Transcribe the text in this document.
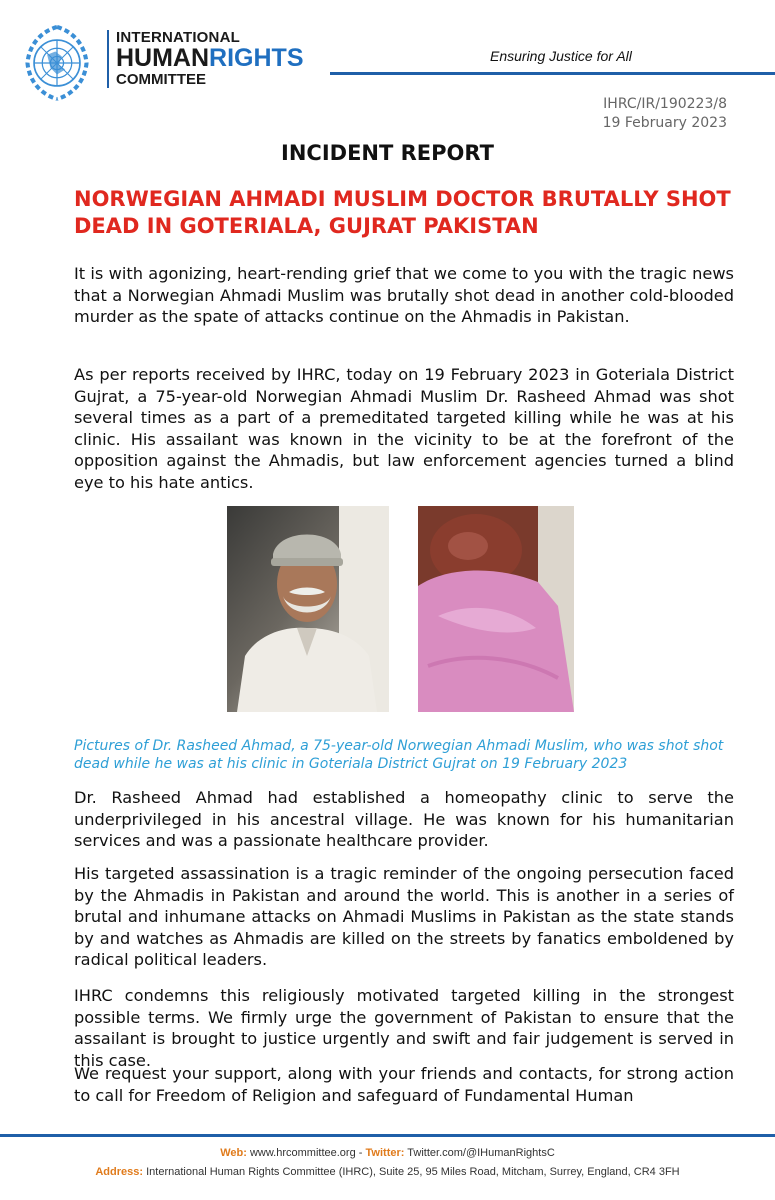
INTERNATIONAL
HUMANRIGHTS
COMMITTEE
Ensuring Justice for All
IHRC/IR/190223/8
19 February 2023
INCIDENT REPORT
NORWEGIAN AHMADI MUSLIM DOCTOR BRUTALLY SHOT DEAD IN GOTERIALA, GUJRAT PAKISTAN
It is with agonizing, heart-rending grief that we come to you with the tragic news that a Norwegian Ahmadi Muslim was brutally shot dead in another cold-blooded murder as the spate of attacks continue on the Ahmadis in Pakistan.
As per reports received by IHRC, today on 19 February 2023 in Goteriala District Gujrat, a 75-year-old Norwegian Ahmadi Muslim Dr. Rasheed Ahmad was shot several times as a part of a premeditated targeted killing while he was at his clinic. His assailant was known in the vicinity to be at the forefront of the opposition against the Ahmadis, but law enforcement agencies turned a blind eye to his hate antics.
Pictures of Dr. Rasheed Ahmad, a 75-year-old Norwegian Ahmadi Muslim, who was shot shot dead while he was at his clinic in Goteriala District Gujrat on 19 February 2023
Dr. Rasheed Ahmad had established a homeopathy clinic to serve the underprivileged in his ancestral village. He was known for his humanitarian services and was a passionate healthcare provider.
His targeted assassination is a tragic reminder of the ongoing persecution faced by the Ahmadis in Pakistan and around the world. This is another in a series of brutal and inhumane attacks on Ahmadi Muslims in Pakistan as the state stands by and watches as Ahmadis are killed on the streets by fanatics emboldened by radical political leaders.
IHRC condemns this religiously motivated targeted killing in the strongest possible terms. We firmly urge the government of Pakistan to ensure that the assailant is brought to justice urgently and swift and fair judgement is served in this case.
We request your support, along with your friends and contacts, for strong action to call for Freedom of Religion and safeguard of Fundamental Human
Web: www.hrcommittee.org - Twitter: Twitter.com/@IHumanRightsC
Address: International Human Rights Committee (IHRC), Suite 25, 95 Miles Road, Mitcham, Surrey, England, CR4 3FH
